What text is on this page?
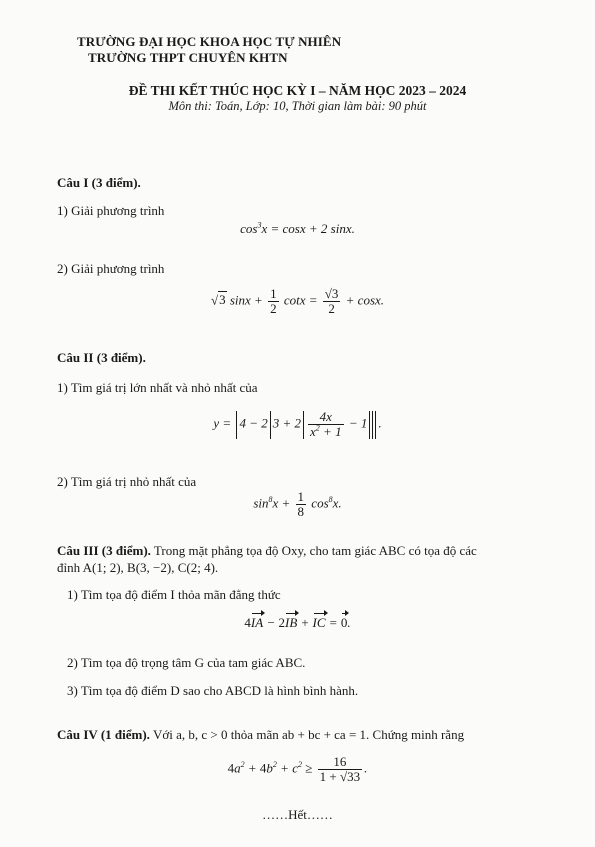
TRƯỜNG ĐẠI HỌC KHOA HỌC TỰ NHIÊN
TRƯỜNG THPT CHUYÊN KHTN
ĐỀ THI KẾT THÚC HỌC KỲ I – NĂM HỌC 2023 – 2024
Môn thi: Toán, Lớp: 10, Thời gian làm bài: 90 phút
Câu I (3 điểm).
1) Giải phương trình
$\cos^3x = \cos x + 2$ sinx.
2) Giải phương trình
√3 $\sin x + \frac{1}{2}$ $\cot x = \frac{√3}{2} + \cos x$.
Câu II (3 điểm).
1) Tìm giá trị lớn nhất và nhỏ nhất của
y = 4 − 2 $3 + 2 \frac{4x}{x^2 + 1} - 1$ .
2) Tìm giá trị nhỏ nhất của
$\sin^8x + \frac{1}{8} \cos^8x$.
Câu III (3 điểm). Trong mặt phẳng tọa độ Oxy, cho tam giác ABC có tọa độ các
đỉnh A(1; 2), B(3, −2), C(2; 4).
1) Tìm tọa độ điểm I thỏa mãn đẳng thức
4IA − 2IB + IC = 0.
2) Tìm tọa độ trọng tâm G của tam giác ABC.
3) Tìm tọa độ điểm D sao cho ABCD là hình bình hành.
Câu IV (1 điểm). Với a, b, c > 0 thỏa mãn ab + bc + ca = 1. Chứng minh rằng
$4a^2 + 4b^2 + c^2 \ge \frac{16}{1 + √33}$ .
……Hết……
